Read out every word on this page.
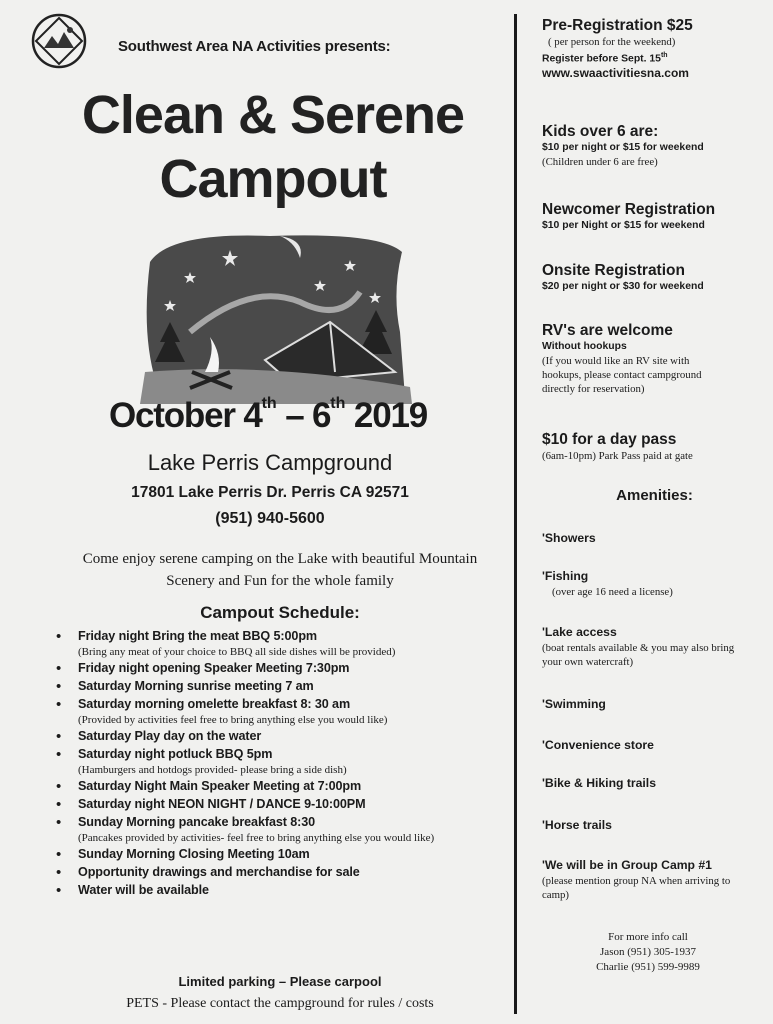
Southwest Area NA Activities presents:
Clean & Serene
Campout
October 4th – 6th 2019
Lake Perris Campground
17801 Lake Perris Dr. Perris CA 92571
(951) 940-5600
Come enjoy serene camping on the Lake with beautiful Mountain
Scenery and Fun for the whole family
Campout Schedule:
• Friday night Bring the meat BBQ 5:00pm
(Bring any meat of your choice to BBQ all side dishes will be provided)
• Friday night opening Speaker Meeting 7:30pm
• Saturday Morning sunrise meeting 7 am
• Saturday morning omelette breakfast 8: 30 am
(Provided by activities feel free to bring anything else you would like)
• Saturday Play day on the water
• Saturday night potluck BBQ 5pm
(Hamburgers and hotdogs provided- please bring a side dish)
• Saturday Night Main Speaker Meeting at 7:00pm
• Saturday night NEON NIGHT / DANCE 9-10:00PM
• Sunday Morning pancake breakfast 8:30
(Pancakes provided by activities- feel free to bring anything else you would like)
• Sunday Morning Closing Meeting 10am
• Opportunity drawings and merchandise for sale
• Water will be available
Limited parking – Please carpool
PETS - Please contact the campground for rules / costs
Pre-Registration $25
( per person for the weekend)
Register before Sept. 15th
www.swaactivitiesna.com
Kids over 6 are:
$10 per night or $15 for weekend
(Children under 6 are free)
Newcomer Registration
$10 per Night or $15 for weekend
Onsite Registration
$20 per night or $30 for weekend
RV's are welcome
Without hookups
(If you would like an RV site with
hookups, please contact campground
directly for reservation)
$10 for a day pass
(6am-10pm) Park Pass paid at gate
Amenities:
'Showers
'Fishing
(over age 16 need a license)
'Lake access
(boat rentals available & you may also bring your own watercraft)
'Swimming
'Convenience store
'Bike & Hiking trails
'Horse trails
'We will be in Group Camp #1
(please mention group NA when arriving to camp)
For more info call
Jason (951) 305-1937
Charlie (951) 599-9989
